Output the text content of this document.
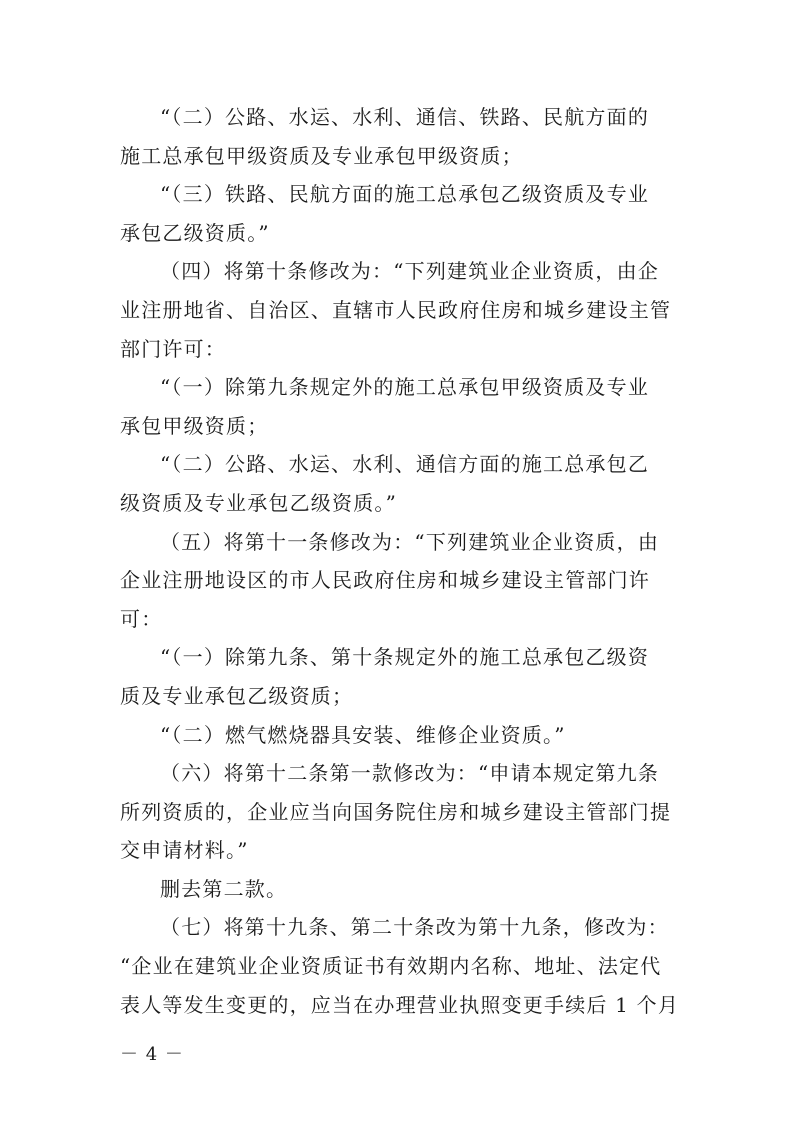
“（二）公路、水运、水利、通信、铁路、民航方面的
施工总承包甲级资质及专业承包甲级资质；
“（三）铁路、民航方面的施工总承包乙级资质及专业
承包乙级资质。”
（四）将第十条修改为：“下列建筑业企业资质，由企
业注册地省、自治区、直辖市人民政府住房和城乡建设主管
部门许可：
“（一）除第九条规定外的施工总承包甲级资质及专业
承包甲级资质；
“（二）公路、水运、水利、通信方面的施工总承包乙
级资质及专业承包乙级资质。”
（五）将第十一条修改为：“下列建筑业企业资质，由
企业注册地设区的市人民政府住房和城乡建设主管部门许
可：
“（一）除第九条、第十条规定外的施工总承包乙级资
质及专业承包乙级资质；
“（二）燃气燃烧器具安装、维修企业资质。”
（六）将第十二条第一款修改为：“申请本规定第九条
所列资质的，企业应当向国务院住房和城乡建设主管部门提
交申请材料。”
删去第二款。
（七）将第十九条、第二十条改为第十九条，修改为：
“企业在建筑业企业资质证书有效期内名称、地址、法定代
表人等发生变更的，应当在办理营业执照变更手续后 1 个月
－ 4 －
